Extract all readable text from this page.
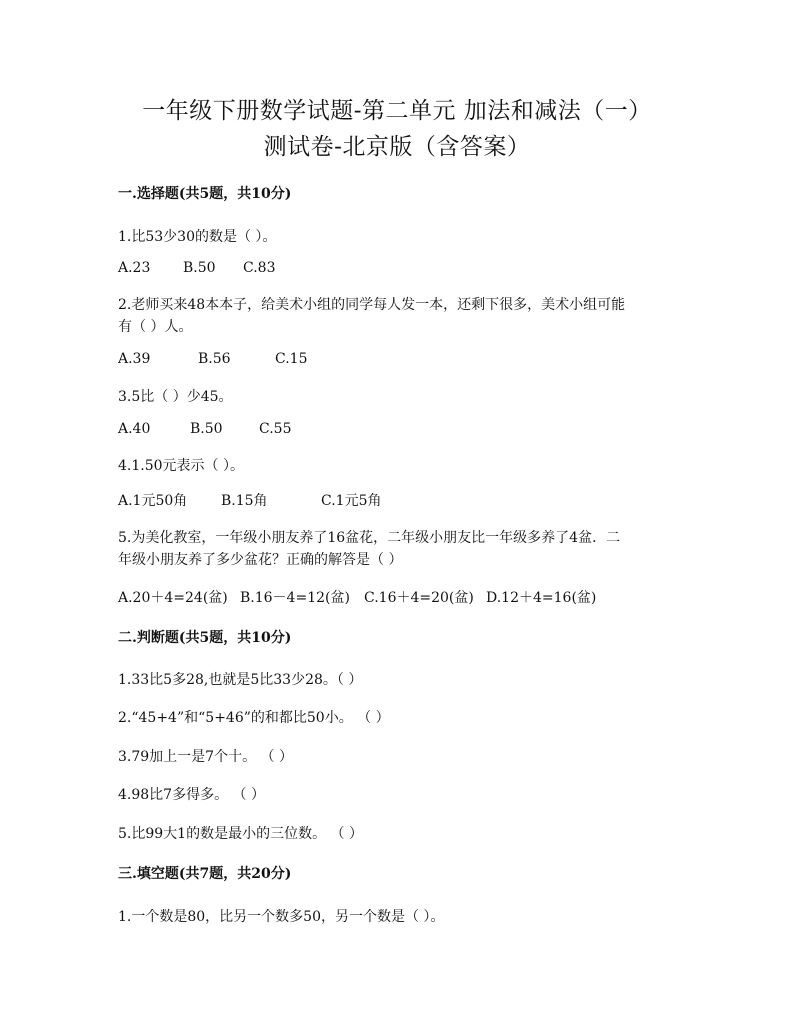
一年级下册数学试题-第二单元 加法和减法（一）
测试卷-北京版（含答案）
一.选择题(共5题，共10分)
1.比53少30的数是（ ）。
A.23 B.50 C.83
2.老师买来48本本子，给美术小组的同学每人发一本，还剩下很多，美术小组可能
有（ ）人。
A.39	B.56	C.15
3.5比（ ）少45。
A.40	B.50	C.55
4.1.50元表示（ ）。
A.1元50角 B.15角	C.1元5角
5.为美化教室，一年级小朋友养了16盆花，二年级小朋友比一年级多养了4盆．二
年级小朋友养了多少盆花？正确的解答是（ ）
A.20＋4=24(盆) B.16－4=12(盆) C.16＋4=20(盆) D.12＋4=16(盆)
二.判断题(共5题，共10分)
1.33比5多28,也就是5比33少28。（ ）
2.“45+4”和“5+46”的和都比50小。 （ ）
3.79加上一是7个十。 （ ）
4.98比7多得多。 （ ）
5.比99大1的数是最小的三位数。 （ ）
三.填空题(共7题，共20分)
1.一个数是80，比另一个数多50，另一个数是（ ）。
